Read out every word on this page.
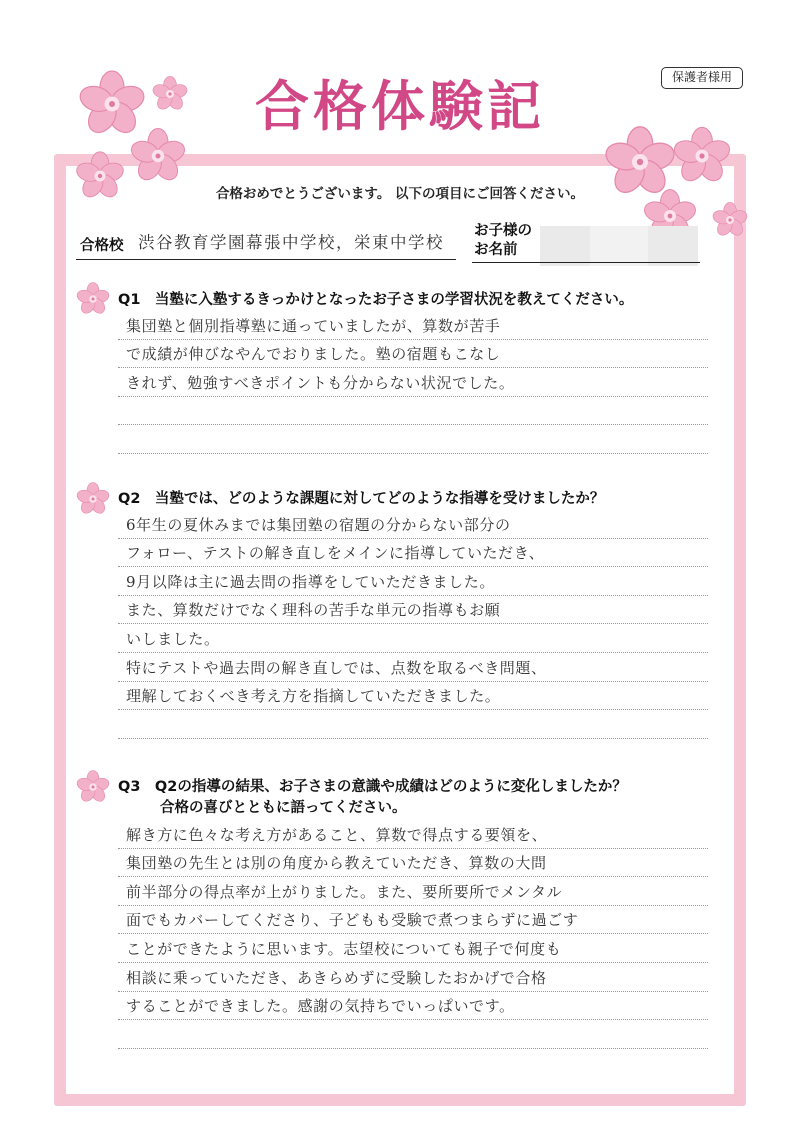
保護者様用
合格体験記
合格おめでとうございます。 以下の項目にご回答ください。
合格校 渋谷教育学園幕張中学校，栄東中学校
お子様の
お名前
Q1　当塾に入塾するきっかけとなったお子さまの学習状況を教えてください。
集団塾と個別指導塾に通っていましたが、算数が苦手
で成績が伸びなやんでおりました。塾の宿題もこなし
きれず、勉強すべきポイントも分からない状況でした。
Q2　当塾では、どのような課題に対してどのような指導を受けましたか？
6年生の夏休みまでは集団塾の宿題の分からない部分の
フォロー、テストの解き直しをメインに指導していただき、
9月以降は主に過去問の指導をしていただきました。
また、算数だけでなく理科の苦手な単元の指導もお願
いしました。
特にテストや過去問の解き直しでは、点数を取るべき問題、
理解しておくべき考え方を指摘していただきました。
Q3　Q2の指導の結果、お子さまの意識や成績はどのように変化しましたか？
合格の喜びとともに語ってください。
解き方に色々な考え方があること、算数で得点する要領を、
集団塾の先生とは別の角度から教えていただき、算数の大問
前半部分の得点率が上がりました。また、要所要所でメンタル
面でもカバーしてくださり、子どもも受験で煮つまらずに過ごす
ことができたように思います。志望校についても親子で何度も
相談に乗っていただき、あきらめずに受験したおかげで合格
することができました。感謝の気持ちでいっぱいです。
